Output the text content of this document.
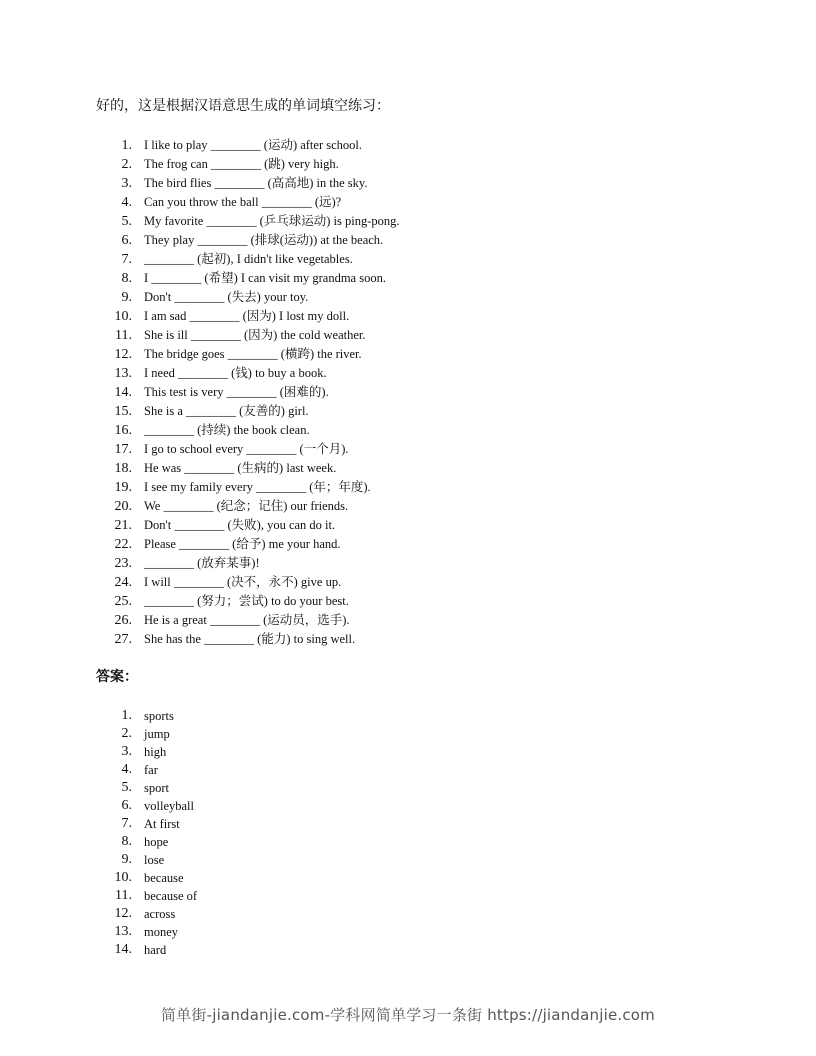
好的，这是根据汉语意思生成的单词填空练习：

1. I like to play ________ (运动) after school.
2. The frog can ________ (跳) very high.
3. The bird flies ________ (高高地) in the sky.
4. Can you throw the ball ________ (远)?
5. My favorite ________ (乒乓球运动) is ping-pong.
6. They play ________ (排球(运动)) at the beach.
7. ________ (起初), I didn't like vegetables.
8. I ________ (希望) I can visit my grandma soon.
9. Don't ________ (失去) your toy.
10. I am sad ________ (因为) I lost my doll.
11. She is ill ________ (因为) the cold weather.
12. The bridge goes ________ (横跨) the river.
13. I need ________ (钱) to buy a book.
14. This test is very ________ (困难的).
15. She is a ________ (友善的) girl.
16. ________ (持续) the book clean.
17. I go to school every ________ (一个月).
18. He was ________ (生病的) last week.
19. I see my family every ________ (年；年度).
20. We ________ (纪念；记住) our friends.
21. Don't ________ (失败), you can do it.
22. Please ________ (给予) me your hand.
23. ________ (放弃某事)!
24. I will ________ (决不，永不) give up.
25. ________ (努力；尝试) to do your best.
26. He is a great ________ (运动员，选手).
27. She has the ________ (能力) to sing well.
答案：
1. sports
2. jump
3. high
4. far
5. sport
6. volleyball
7. At first
8. hope
9. lose
10. because
11. because of
12. across
13. money
14. hard
简单街-jiandanjie.com-学科网简单学习一条街 https://jiandanjie.com
